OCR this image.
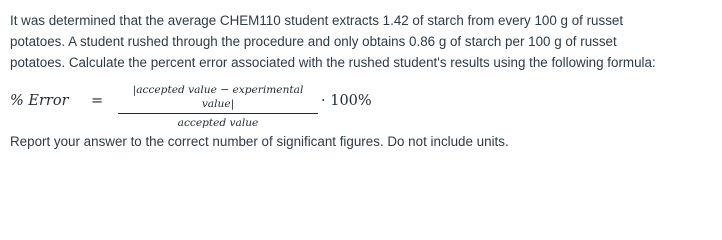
It was determined that the average CHEM110 student extracts 1.42 of starch from every 100 g of russet
potatoes. A student rushed through the procedure and only obtains 0.86 g of starch per 100 g of russet
potatoes. Calculate the percent error associated with the rushed student's results using the following formula:
% Error =
|accepted value − experimental value|
accepted value
· 100%
Report your answer to the correct number of significant figures. Do not include units.
